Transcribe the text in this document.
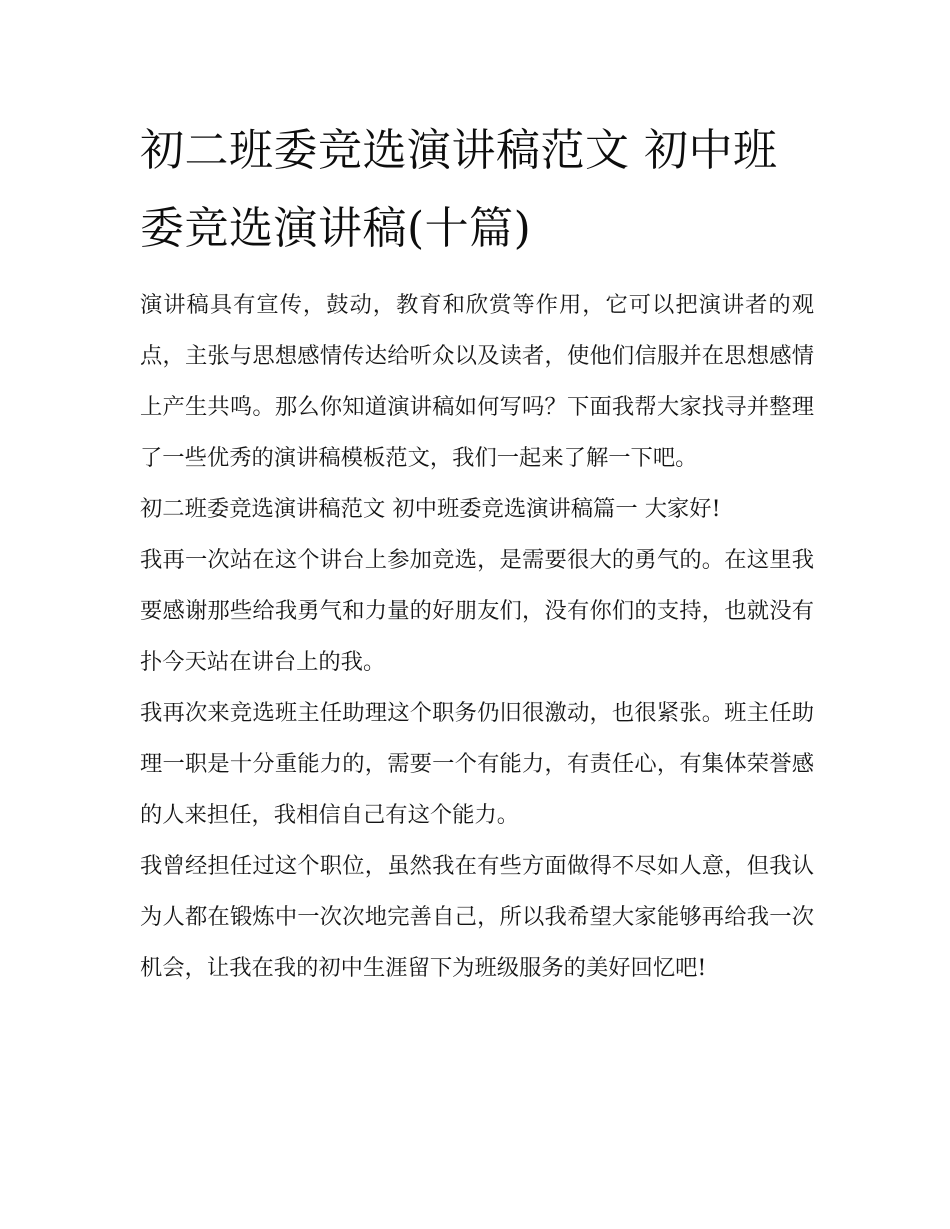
初二班委竞选演讲稿范文 初中班委竞选演讲稿(十篇)

演讲稿具有宣传，鼓动，教育和欣赏等作用，它可以把演讲者的观点，主张与思想感情传达给听众以及读者，使他们信服并在思想感情上产生共鸣。那么你知道演讲稿如何写吗？下面我帮大家找寻并整理了一些优秀的演讲稿模板范文，我们一起来了解一下吧。

初二班委竞选演讲稿范文 初中班委竞选演讲稿篇一 大家好!

我再一次站在这个讲台上参加竞选，是需要很大的勇气的。在这里我要感谢那些给我勇气和力量的好朋友们，没有你们的支持，也就没有扑今天站在讲台上的我。

我再次来竞选班主任助理这个职务仍旧很激动，也很紧张。班主任助理一职是十分重能力的，需要一个有能力，有责任心，有集体荣誉感的人来担任，我相信自己有这个能力。

我曾经担任过这个职位，虽然我在有些方面做得不尽如人意，但我认为人都在锻炼中一次次地完善自己，所以我希望大家能够再给我一次机会，让我在我的初中生涯留下为班级服务的美好回忆吧!
